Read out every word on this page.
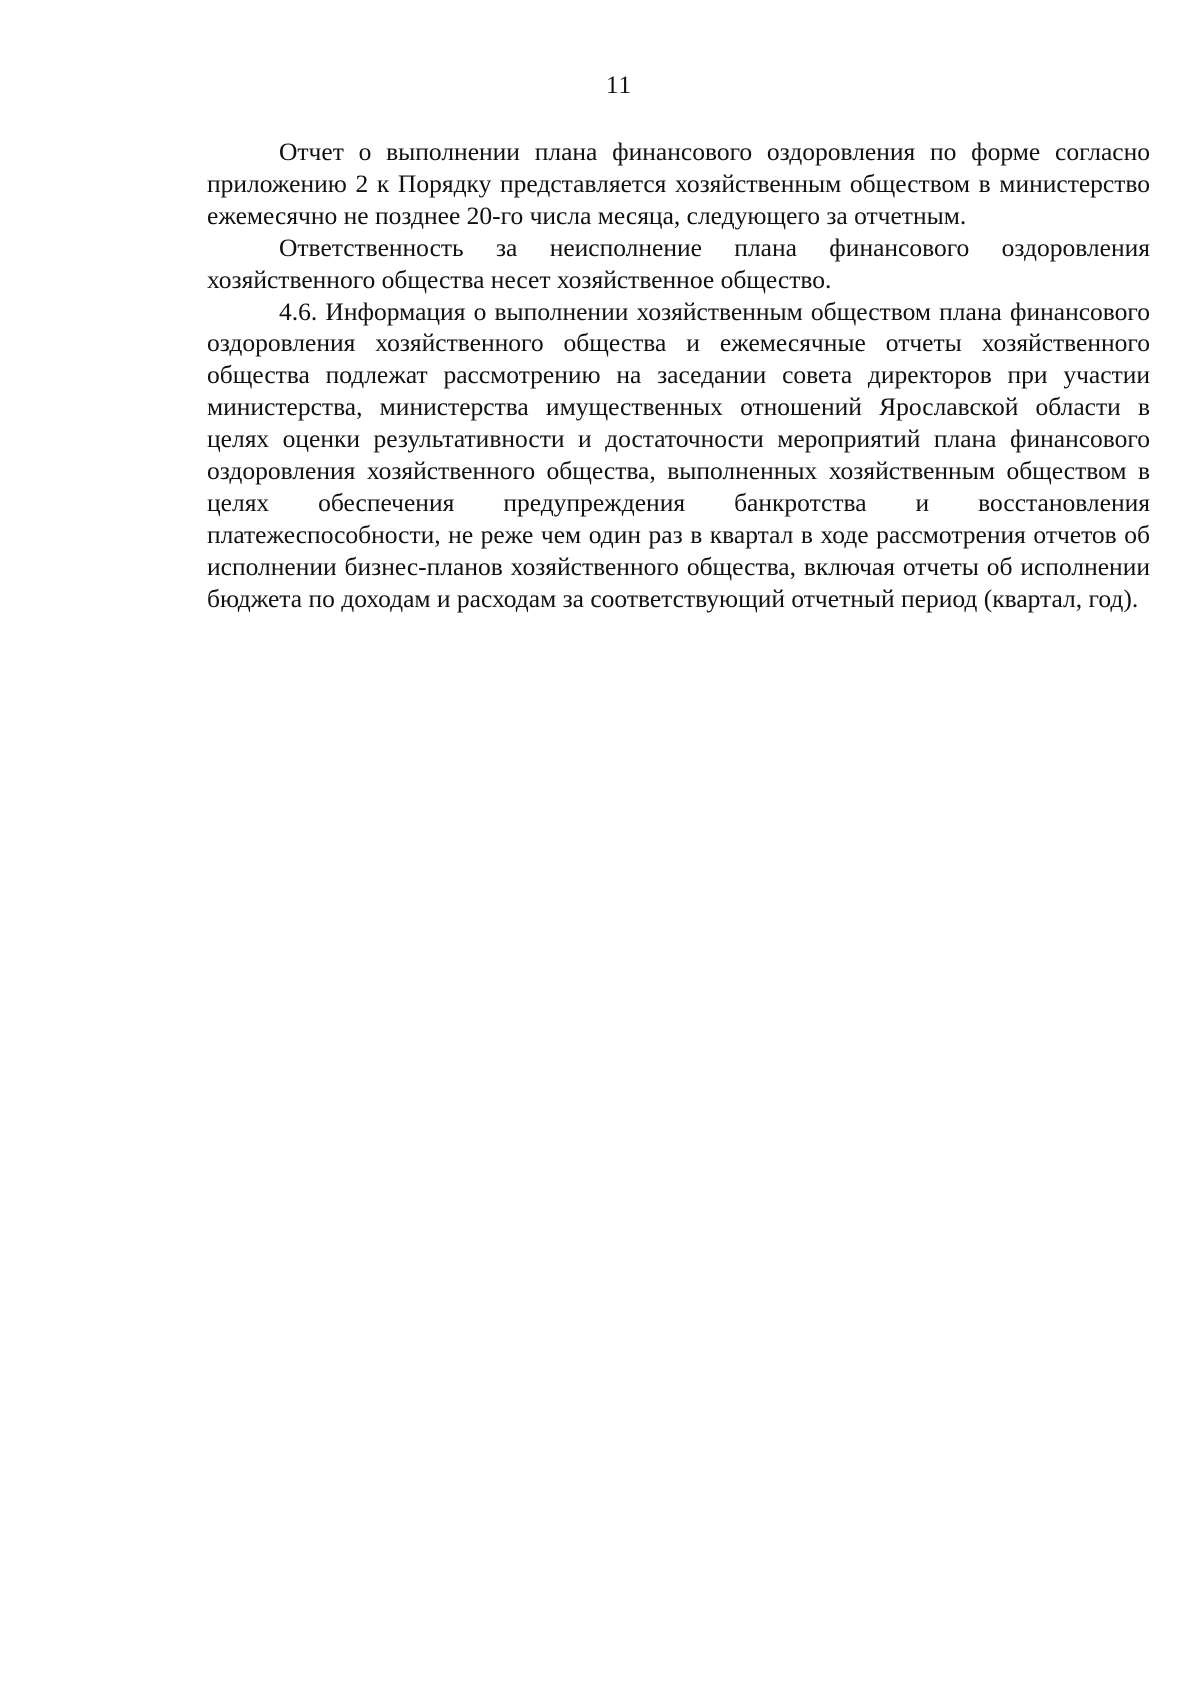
11

Отчет о выполнении плана финансового оздоровления по форме согласно приложению 2 к Порядку представляется хозяйственным обществом в министерство ежемесячно не позднее 20-го числа месяца, следующего за отчетным.

Ответственность за неисполнение плана финансового оздоровления хозяйственного общества несет хозяйственное общество.

4.6. Информация о выполнении хозяйственным обществом плана финансового оздоровления хозяйственного общества и ежемесячные отчеты хозяйственного общества подлежат рассмотрению на заседании совета директоров при участии министерства, министерства имущественных отношений Ярославской области в целях оценки результативности и достаточности мероприятий плана финансового оздоровления хозяйственного общества, выполненных хозяйственным обществом в целях обеспечения предупреждения банкротства и восстановления платежеспособности, не реже чем один раз в квартал в ходе рассмотрения отчетов об исполнении бизнес-планов хозяйственного общества, включая отчеты об исполнении бюджета по доходам и расходам за соответствующий отчетный период (квартал, год).
